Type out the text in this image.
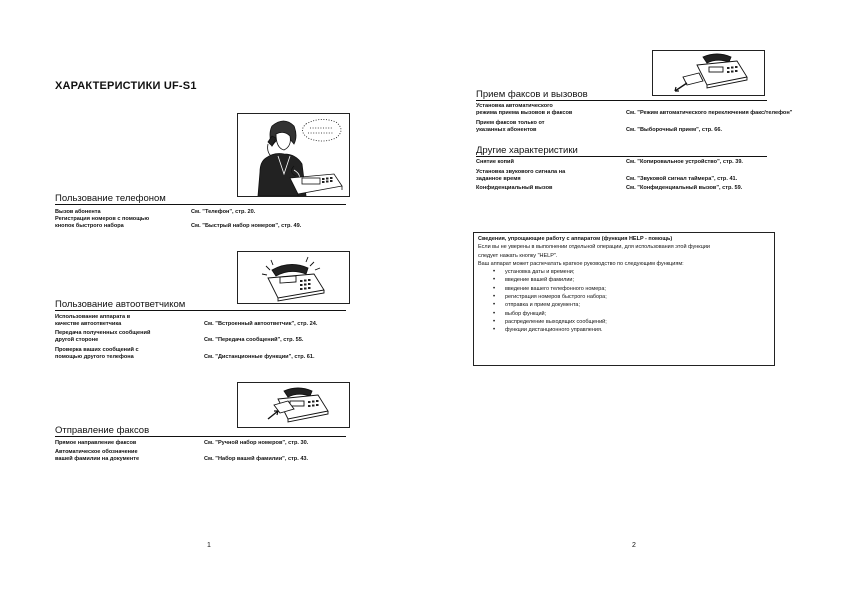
ХАРАКТЕРИСТИКИ UF-S1
Пользование телефоном
Вызов абонента	См. "Телефон", стр. 20.
Регистрация номеров с помощью
кнопок быстрого набора	См. "Быстрый набор номеров", стр. 49.
Пользование автоответчиком
Использование аппарата в
качестве автоответчика	См. "Встроенный автоответчик", стр. 24.
Передача полученных сообщений
другой стороне	См. "Передача сообщений", стр. 55.
Проверка ваших сообщений с
помощью другого телефона	См. "Дистанционные функции", стр. 61.
Отправление факсов
Прямое направление факсов	См. "Ручной набор номеров", стр. 30.
Автоматическое обозначение
вашей фамилии на документе	См. "Набор вашей фамилии", стр. 43.
1
Прием факсов и вызовов
Установка автоматического
режима приема вызовов и факсов	См. "Режим автоматического переключения факс/телефон"
Прием факсов только от
указанных абонентов	См. "Выборочный прием", стр. 66.
Другие характеристики
Снятие копий	См. "Копировальное устройство", стр. 39.
Установка звукового сигнала на
заданное время	См. "Звуковой сигнал таймера", стр. 41.
Конфиденциальный вызов	См. "Конфиденциальный вызов", стр. 59.
Сведения, упрощающие работу с аппаратом (функция HELP - помощь)
Если вы не уверены в выполнении отдельной операции, для использования этой функции
следует нажать кнопку "HELP".
Ваш аппарат может распечатать краткое руководство по следующим функциям:
• установка даты и времени;
• введение вашей фамилии;
• введение вашего телефонного номера;
• регистрация номеров быстрого набора;
• отправка и прием документа;
• выбор функций;
• распределение выходящих сообщений;
• функции дистанционного управления.
2
